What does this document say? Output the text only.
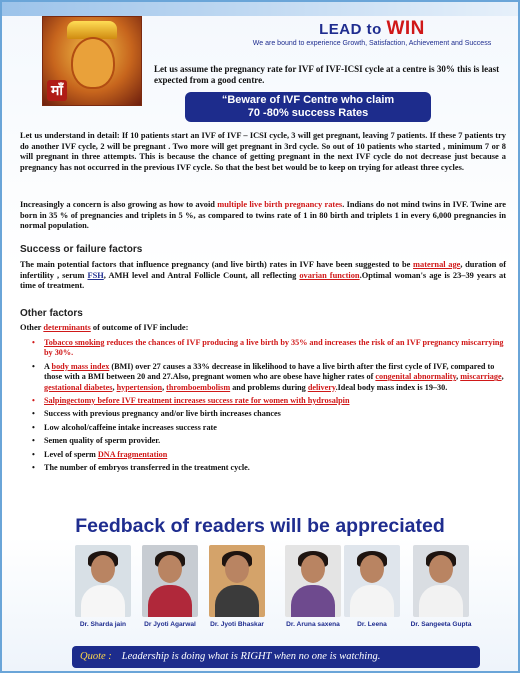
माँ
LEAD to WIN
We are bound to experience Growth, Satisfaction, Achievement and Success
Let us assume the pregnancy rate for IVF of IVF-ICSI cycle at a centre is 30% this is least expected from a good centre.
“Beware of IVF Centre who claim
70 -80% success Rates
Let us understand in detail: If 10 patients start an IVF of IVF – ICSI cycle, 3 will get pregnant, leaving 7 patients. If these 7 patients try do another IVF cycle, 2 will be pregnant . Two more will get pregnant in 3rd cycle. So out of 10 patients who started , minimum 7 or 8 will pregnant in three attempts. This is because the chance of getting pregnant in the next IVF cycle do not decrease just because a pregnancy has not occurred in the previous IVF cycle. So that the best bet would be to keep on trying for atleast three cycles.
Increasingly a concern is also growing as how to avoid multiple live birth pregnancy rates. Indians do not mind twins in IVF. Twine are born in 35 % of pregnancies and triplets in 5 %, as compared to twins rate of 1 in 80 birth and triplets 1 in every 6,000 pregnancies in normal population.
Success or failure factors
The main potential factors that influence pregnancy (and live birth) rates in IVF have been suggested to be maternal age, duration of infertility , serum FSH, AMH level and Antral Follicle Count, all reflecting ovarian function.Optimal woman's age is 23–39 years at time of treatment.
Other factors
Other determinants of outcome of IVF include:
• Tobacco smoking reduces the chances of IVF producing a live birth by 35% and increases the risk of an IVF pregnancy miscarrying by 30%.
• A body mass index (BMI) over 27 causes a 33% decrease in likelihood to have a live birth after the first cycle of IVF, compared to those with a BMI between 20 and 27.Also, pregnant women who are obese have higher rates of congenital abnormality, miscarriage, gestational diabetes, hypertension, thromboembolism and problems during delivery.Ideal body mass index is 19–30.
• Salpingectomy before IVF treatment increases success rate for women with hydrosalpin
• Success with previous pregnancy and/or live birth increases chances
• Low alcohol/caffeine intake increases success rate
• Semen quality of sperm provider.
• Level of sperm DNA fragmentation
• The number of embryos transferred in the treatment cycle.
Feedback of readers will be appreciated
Dr. Sharda jain	Dr Jyoti Agarwal	Dr. Jyoti Bhaskar	Dr. Aruna saxena	Dr. Leena	Dr. Sangeeta Gupta
Quote : Leadership is doing what is RIGHT when no one is watching.
